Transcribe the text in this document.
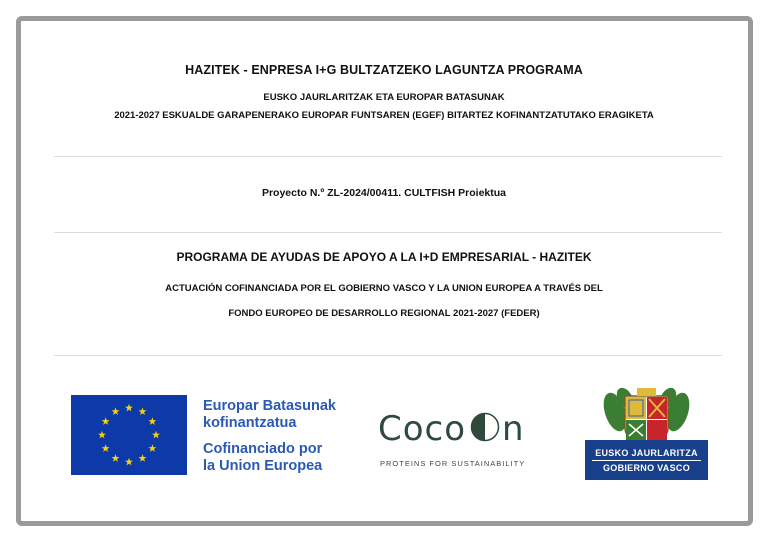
HAZITEK - ENPRESA I+G BULTZATZEKO LAGUNTZA PROGRAMA
EUSKO JAURLARITZAK ETA EUROPAR BATASUNAK
2021-2027 ESKUALDE GARAPENERAKO EUROPAR FUNTSAREN (EGEF) BITARTEZ KOFINANTZATUTAKO ERAGIKETA
Proyecto N.º ZL-2024/00411. CULTFISH Proiektua
PROGRAMA DE AYUDAS DE APOYO A LA I+D EMPRESARIAL - HAZITEK
ACTUACIÓN COFINANCIADA POR EL GOBIERNO VASCO Y LA UNION EUROPEA A TRAVÉS DEL
FONDO EUROPEO DE DESARROLLO REGIONAL 2021-2027 (FEDER)
Europar Batasunak
kofinantzatua
Cofinanciado por
la Union Europea
Coco n
PROTEINS FOR SUSTAINABILITY
EUSKO JAURLARITZA
GOBIERNO VASCO
